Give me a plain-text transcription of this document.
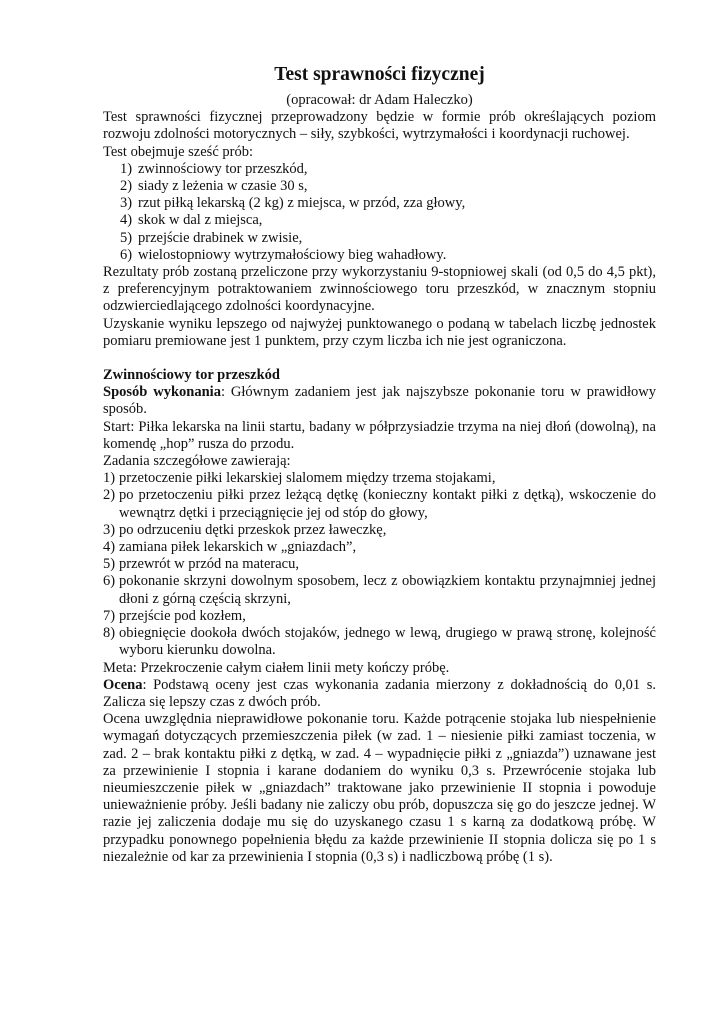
Test sprawności fizycznej

(opracował: dr Adam Haleczko)

Test sprawności fizycznej przeprowadzony będzie w formie prób określających poziom rozwoju zdolności motorycznych – siły, szybkości, wytrzymałości i koordynacji ruchowej.

Test obejmuje sześć prób:

1) zwinnościowy tor przeszkód,
2) siady z leżenia w czasie 30 s,
3) rzut piłką lekarską (2 kg) z miejsca, w przód, zza głowy,
4) skok w dal z miejsca,
5) przejście drabinek w zwisie,
6) wielostopniowy wytrzymałościowy bieg wahadłowy.

Rezultaty prób zostaną przeliczone przy wykorzystaniu 9-stopniowej skali (od 0,5 do 4,5 pkt), z preferencyjnym potraktowaniem zwinnościowego toru przeszkód, w znacznym stopniu odzwierciedlającego zdolności koordynacyjne.

Uzyskanie wyniku lepszego od najwyżej punktowanego o podaną w tabelach liczbę jednostek pomiaru premiowane jest 1 punktem, przy czym liczba ich nie jest ograniczona.

Zwinnościowy tor przeszkód

Sposób wykonania: Głównym zadaniem jest jak najszybsze pokonanie toru w prawidłowy sposób.

Start: Piłka lekarska na linii startu, badany w półprzysiadzie trzyma na niej dłoń (dowolną), na komendę „hop” rusza do przodu.

Zadania szczegółowe zawierają:

1) przetoczenie piłki lekarskiej slalomem między trzema stojakami,
2) po przetoczeniu piłki przez leżącą dętkę (konieczny kontakt piłki z dętką), wskoczenie do wewnątrz dętki i przeciągnięcie jej od stóp do głowy,
3) po odrzuceniu dętki przeskok przez ławeczkę,
4) zamiana piłek lekarskich w „gniazdach”,
5) przewrót w przód na materacu,
6) pokonanie skrzyni dowolnym sposobem, lecz z obowiązkiem kontaktu przynajmniej jednej dłoni z górną częścią skrzyni,
7) przejście pod kozłem,
8) obiegnięcie dookoła dwóch stojaków, jednego w lewą, drugiego w prawą stronę, kolejność wyboru kierunku dowolna.

Meta: Przekroczenie całym ciałem linii mety kończy próbę.

Ocena: Podstawą oceny jest czas wykonania zadania mierzony z dokładnością do 0,01 s. Zalicza się lepszy czas z dwóch prób.

Ocena uwzględnia nieprawidłowe pokonanie toru. Każde potrącenie stojaka lub niespełnienie wymagań dotyczących przemieszczenia piłek (w zad. 1 – niesienie piłki zamiast toczenia, w zad. 2 – brak kontaktu piłki z dętką, w zad. 4 – wypadnięcie piłki z „gniazda”) uznawane jest za przewinienie I stopnia i karane dodaniem do wyniku 0,3 s. Przewrócenie stojaka lub nieumieszczenie piłek w „gniazdach” traktowane jako przewinienie II stopnia i powoduje unieważnienie próby. Jeśli badany nie zaliczy obu prób, dopuszcza się go do jeszcze jednej. W razie jej zaliczenia dodaje mu się do uzyskanego czasu 1 s karną za dodatkową próbę. W przypadku ponownego popełnienia błędu za każde przewinienie II stopnia dolicza się po 1 s niezależnie od kar za przewinienia I stopnia (0,3 s) i nadliczbową próbę (1 s).
